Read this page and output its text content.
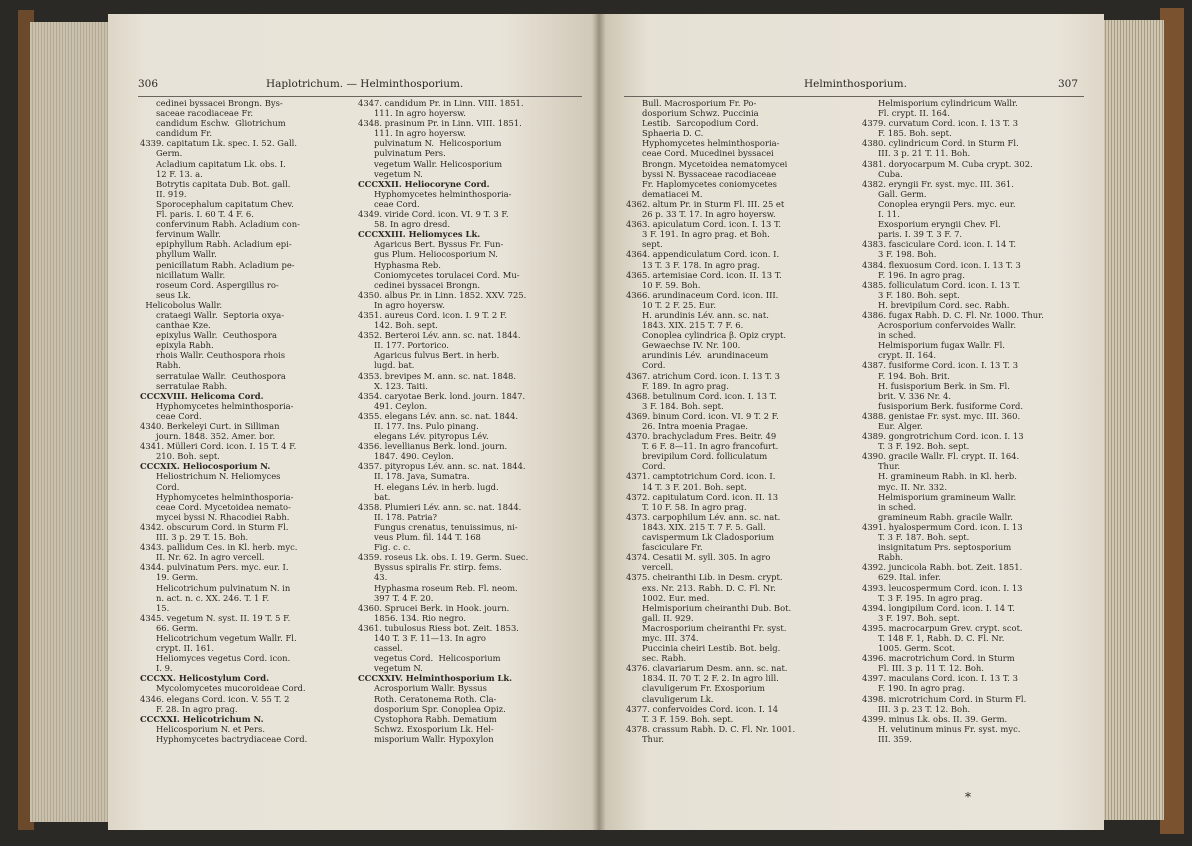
306	Haplotrichum. — Helminthosporium.
cedinei byssacei Brongn. Bys-
saceae racodiaceae Fr.
candidum Eschw.  Gliotrichum
candidum Fr.
4339. capitatum Lk. spec. I. 52. Gall.
Germ.
Acladium capitatum Lk. obs. I.
12 F. 13. a.
Botrytis capitata Dub. Bot. gall.
II. 919.
Sporocephalum capitatum Chev.
Fl. paris. I. 60 T. 4 F. 6.
confervinum Rabh. Acladium con-
fervinum Wallr.
epiphyllum Rabh. Acladium epi-
phyllum Wallr.
penicillatum Rabh. Acladium pe-
nicillatum Wallr.
roseum Cord. Aspergillus ro-
seus Lk.
Helicobolus Wallr.
crataegi Wallr.  Septoria oxya-
canthae Kze.
epixylus Wallr.  Ceuthospora
epixyla Rabh.
rhois Wallr. Ceuthospora rhois
Rabh.
serratulae Wallr.  Ceuthospora
serratulae Rabh.
CCCXVIII. Helicoma Cord.
Hyphomycetes helminthosporia-
ceae Cord.
4340. Berkeleyi Curt. in Silliman
journ. 1848. 352. Amer. bor.
4341. Mülleri Cord. icon. I. 15 T. 4 F.
210. Boh. sept.
CCCXIX. Heliocosporium N.
Heliostrichum N. Heliomyces
Cord.
Hyphomycetes helminthosporia-
ceae Cord. Mycetoidea nemato-
mycei byssi N. Rhacodiei Rabh.
4342. obscurum Cord. in Sturm Fl.
III. 3 p. 29 T. 15. Boh.
4343. pallidum Ces. in Kl. herb. myc.
II. Nr. 62. In agro vercell.
4344. pulvinatum Pers. myc. eur. I.
19. Germ.
Helicotrichum pulvinatum N. in
n. act. n. c. XX. 246. T. 1 F.
15.
4345. vegetum N. syst. II. 19 T. 5 F.
66. Germ.
Helicotrichum vegetum Wallr. Fl.
crypt. II. 161.
Heliomyces vegetus Cord. icon.
I. 9.
CCCXX. Helicostylum Cord.
Mycolomycetes mucoroideae Cord.
4346. elegans Cord. icon. V. 55 T. 2
F. 28. In agro prag.
CCCXXI. Helicotrichum N.
Helicosporium N. et Pers.
Hyphomycetes bactrydiaceae Cord.
4347. candidum Pr. in Linn. VIII. 1851.
111. In agro hoyersw.
4348. prasinum Pr. in Linn. VIII. 1851.
111. In agro hoyersw.
pulvinatum N.  Helicosporium
pulvinatum Pers.
vegetum Wallr. Helicosporium
vegetum N.
CCCXXII. Heliocoryne Cord.
Hyphomycetes helminthosporia-
ceae Cord.
4349. viride Cord. icon. VI. 9 T. 3 F.
58. In agro dresd.
CCCXXIII. Heliomyces Lk.
Agaricus Bert. Byssus Fr. Fun-
gus Plum. Heliocosporium N.
Hyphasma Reb.
Coniomycetes torulacei Cord. Mu-
cedinei byssacei Brongn.
4350. albus Pr. in Linn. 1852. XXV. 725.
In agro hoyersw.
4351. aureus Cord. icon. I. 9 T. 2 F.
142. Boh. sept.
4352. Berteroi Lév. ann. sc. nat. 1844.
II. 177. Portorico.
Agaricus fulvus Bert. in herb.
lugd. bat.
4353. brevipes M. ann. sc. nat. 1848.
X. 123. Taiti.
4354. caryotae Berk. lond. journ. 1847.
491. Ceylon.
4355. elegans Lév. ann. sc. nat. 1844.
II. 177. Ins. Pulo pinang.
elegans Lév. pityropus Lév.
4356. levellianus Berk. lond. journ.
1847. 490. Ceylon.
4357. pityropus Lév. ann. sc. nat. 1844.
II. 178. Java, Sumatra.
H. elegans Lév. in herb. lugd.
bat.
4358. Plumieri Lév. ann. sc. nat. 1844.
II. 178. Patria?
Fungus crenatus, tenuissimus, ni-
veus Plum. fil. 144 T. 168
Fig. c. c.
4359. roseus Lk. obs. I. 19. Germ. Suec.
Byssus spiralis Fr. stirp. fems.
43.
Hyphasma roseum Reb. Fl. neom.
397 T. 4 F. 20.
4360. Sprucei Berk. in Hook. journ.
1856. 134. Rio negro.
4361. tubulosus Riess bot. Zeit. 1853.
140 T. 3 F. 11—13. In agro
cassel.
vegetus Cord.  Helicosporium
vegetum N.
CCCXXIV. Helminthosporium Lk.
Acrosporium Wallr. Byssus
Roth. Ceratonema Roth. Cla-
dosporium Spr. Conoplea Opiz.
Cystophora Rabh. Dematium
Schwz. Exosporium Lk. Hel-
misporium Wallr. Hypoxylon
Helminthosporium.	307
Bull. Macrosporium Fr. Po-
dosporium Schwz. Puccinia
Lestib.  Sarcopodium Cord.
Sphaeria D. C.
Hyphomycetes helminthosporia-
ceae Cord. Mucedinei byssacei
Brongn. Mycetoidea nematomycei
byssi N. Byssaceae racodiaceae
Fr. Haplomycetes coniomycetes
dematiacei M.
4362. altum Pr. in Sturm Fl. III. 25 et
26 p. 33 T. 17. In agro hoyersw.
4363. apiculatum Cord. icon. I. 13 T.
3 F. 191. In agro prag. et Boh.
sept.
4364. appendiculatum Cord. icon. I.
13 T. 3 F. 178. In agro prag.
4365. artemisiae Cord. icon. II. 13 T.
10 F. 59. Boh.
4366. arundinaceum Cord. icon. III.
10 T. 2 F. 25. Eur.
H. arundinis Lév. ann. sc. nat.
1843. XIX. 215 T. 7 F. 6.
Conoplea cylindrica β. Opiz crypt.
Gewaechse IV. Nr. 100.
arundinis Lév.  arundinaceum
Cord.
4367. atrichum Cord. icon. I. 13 T. 3
F. 189. In agro prag.
4368. betulinum Cord. icon. I. 13 T.
3 F. 184. Boh. sept.
4369. binum Cord. icon. VI. 9 T. 2 F.
26. Intra moenia Pragae.
4370. brachycladum Fres. Beitr. 49
T. 6 F. 8—11. In agro francofurt.
brevipilum Cord. folliculatum
Cord.
4371. camptotrichum Cord. icon. I.
14 T. 3 F. 201. Boh. sept.
4372. capitulatum Cord. icon. II. 13
T. 10 F. 58. In agro prag.
4373. carpophilum Lév. ann. sc. nat.
1843. XIX. 215 T. 7 F. 5. Gall.
cavispermum Lk Cladosporium
fasciculare Fr.
4374. Cesatii M. syll. 305. In agro
vercell.
4375. cheiranthi Lib. in Desm. crypt.
exs. Nr. 213. Rabh. D. C. Fl. Nr.
1002. Eur. med.
Helmisporium cheiranthi Dub. Bot.
gall. II. 929.
Macrosporium cheiranthi Fr. syst.
myc. III. 374.
Puccinia cheiri Lestib. Bot. belg.
sec. Rabh.
4376. clavariarum Desm. ann. sc. nat.
1834. II. 70 T. 2 F. 2. In agro lill.
clavuligerum Fr. Exosporium
clavuligerum Lk.
4377. confervoides Cord. icon. I. 14
T. 3 F. 159. Boh. sept.
4378. crassum Rabh. D. C. Fl. Nr. 1001.
Thur.
Helmisporium cylindricum Wallr.
Fl. crypt. II. 164.
4379. curvatum Cord. icon. I. 13 T. 3
F. 185. Boh. sept.
4380. cylindricum Cord. in Sturm Fl.
III. 3 p. 21 T. 11. Boh.
4381. doryocarpum M. Cuba crypt. 302.
Cuba.
4382. eryngii Fr. syst. myc. III. 361.
Gall. Germ.
Conoplea eryngii Pers. myc. eur.
I. 11.
Exosporium eryngii Chev. Fl.
paris. I. 39 T. 3 F. 7.
4383. fasciculare Cord. icon. I. 14 T.
3 F. 198. Boh.
4384. flexuosum Cord. icon. I. 13 T. 3
F. 196. In agro prag.
4385. folliculatum Cord. icon. I. 13 T.
3 F. 180. Boh. sept.
H. brevipilum Cord. sec. Rabh.
4386. fugax Rabh. D. C. Fl. Nr. 1000. Thur.
Acrosporium confervoides Wallr.
in sched.
Helmisporium fugax Wallr. Fl.
crypt. II. 164.
4387. fusiforme Cord. icon. I. 13 T. 3
F. 194. Boh. Brit.
H. fusisporium Berk. in Sm. Fl.
brit. V. 336 Nr. 4.
fusisporium Berk. fusiforme Cord.
4388. genistae Fr. syst. myc. III. 360.
Eur. Alger.
4389. gongrotrichum Cord. icon. I. 13
T. 3 F. 192. Boh. sept.
4390. gracile Wallr. Fl. crypt. II. 164.
Thur.
H. gramineum Rabh. in Kl. herb.
myc. II. Nr. 332.
Helmisporium gramineum Wallr.
in sched.
gramineum Rabh. gracile Wallr.
4391. hyalospermum Cord. icon. I. 13
T. 3 F. 187. Boh. sept.
insignitatum Prs. septosporium
Rabh.
4392. juncicola Rabh. bot. Zeit. 1851.
629. Ital. infer.
4393. leucospermum Cord. icon. I. 13
T. 3 F. 195. In agro prag.
4394. longipilum Cord. icon. I. 14 T.
3 F. 197. Boh. sept.
4395. macrocarpum Grev. crypt. scot.
T. 148 F. 1, Rabh. D. C. Fl. Nr.
1005. Germ. Scot.
4396. macrotrichum Cord. in Sturm
Fl. III. 3 p. 11 T. 12. Boh.
4397. maculans Cord. icon. I. 13 T. 3
F. 190. In agro prag.
4398. microtrichum Cord. in Sturm Fl.
III. 3 p. 23 T. 12. Boh.
4399. minus Lk. obs. II. 39. Germ.
H. velutinum minus Fr. syst. myc.
III. 359.
*
